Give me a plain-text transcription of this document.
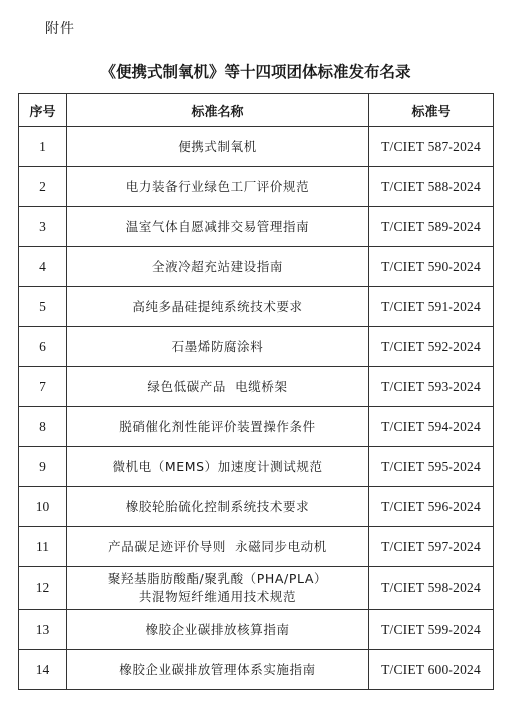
附件
《便携式制氧机》等十四项团体标准发布名录
序号	标准名称	标准号
1	便携式制氧机	T/CIET 587-2024
2	电力装备行业绿色工厂评价规范	T/CIET 588-2024
3	温室气体自愿减排交易管理指南	T/CIET 589-2024
4	全液冷超充站建设指南	T/CIET 590-2024
5	高纯多晶硅提纯系统技术要求	T/CIET 591-2024
6	石墨烯防腐涂料	T/CIET 592-2024
7	绿色低碳产品  电缆桥架	T/CIET 593-2024
8	脱硝催化剂性能评价装置操作条件	T/CIET 594-2024
9	微机电（MEMS）加速度计测试规范	T/CIET 595-2024
10	橡胶轮胎硫化控制系统技术要求	T/CIET 596-2024
11	产品碳足迹评价导则  永磁同步电动机	T/CIET 597-2024
12	聚羟基脂肪酸酯/聚乳酸（PHA/PLA）
共混物短纤维通用技术规范	T/CIET 598-2024
13	橡胶企业碳排放核算指南	T/CIET 599-2024
14	橡胶企业碳排放管理体系实施指南	T/CIET 600-2024
